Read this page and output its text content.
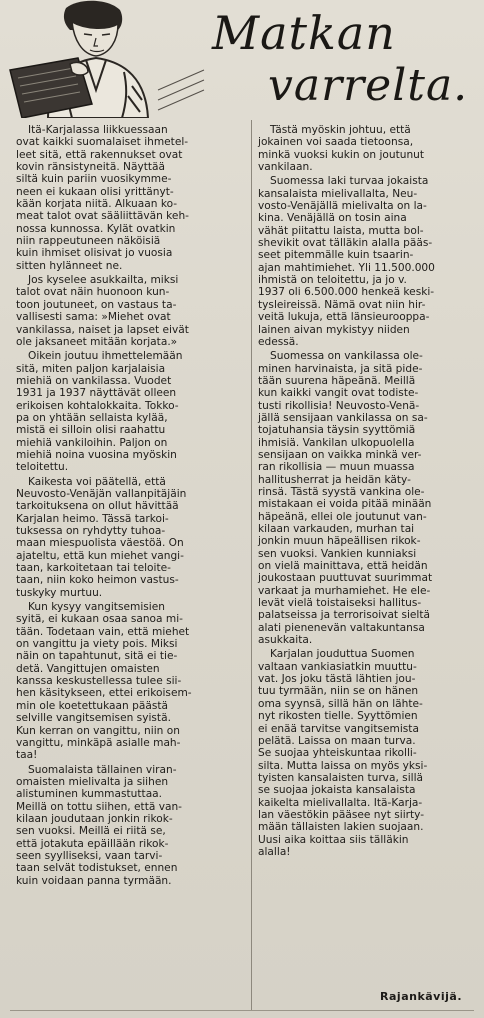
Matkan
varrelta.
Itä-Karjalassa liikkuessaan
ovat kaikki suomalaiset ihmetel-
leet sitä, että rakennukset ovat
kovin ränsistyneitä. Näyttää
siltä kuin pariin vuosikymme-
neen ei kukaan olisi yrittänyt-
kään korjata niitä. Alkuaan ko-
meat talot ovat sääliittävän keh-
nossa kunnossa. Kylät ovatkin
niin rappeutuneen näköisiä
kuin ihmiset olisivat jo vuosia
sitten hylänneet ne.
Jos kyselee asukkailta, miksi
talot ovat näin huonoon kun-
toon joutuneet, on vastaus ta-
vallisesti sama: »Miehet ovat
vankilassa, naiset ja lapset eivät
ole jaksaneet mitään korjata.»
Oikein joutuu ihmettelemään
sitä, miten paljon karjalaisia
miehiä on vankilassa. Vuodet
1931 ja 1937 näyttävät olleen
erikoisen kohtalokkaita. Tokko-
pa on yhtään sellaista kylää,
mistä ei silloin olisi raahattu
miehiä vankiloihin. Paljon on
miehiä noina vuosina myöskin
teloitettu.
Kaikesta voi päätellä, että
Neuvosto-Venäjän vallanpitäjäin
tarkoituksena on ollut hävittää
Karjalan heimo. Tässä tarkoi-
tuksessa on ryhdytty tuhoa-
maan miespuolista väestöä. On
ajateltu, että kun miehet vangi-
taan, karkoitetaan tai teloite-
taan, niin koko heimon vastus-
tuskyky murtuu.
Kun kysyy vangitsemisien
syitä, ei kukaan osaa sanoa mi-
tään. Todetaan vain, että miehet
on vangittu ja viety pois. Miksi
näin on tapahtunut, sitä ei tie-
detä. Vangittujen omaisten
kanssa keskustellessa tulee sii-
hen käsitykseen, ettei erikoisem-
min ole koetettukaan päästä
selville vangitsemisen syistä.
Kun kerran on vangittu, niin on
vangittu, minkäpä asialle mah-
taa!
Suomalaista tällainen viran-
omaisten mielivalta ja siihen
alistuminen kummastuttaa.
Meillä on tottu siihen, että van-
kilaan joudutaan jonkin rikok-
sen vuoksi. Meillä ei riitä se,
että jotakuta epäillään rikok-
seen syylliseksi, vaan tarvi-
taan selvät todistukset, ennen
kuin voidaan panna tyrmään.
Tästä myöskin johtuu, että
jokainen voi saada tietoonsa,
minkä vuoksi kukin on joutunut
vankilaan.
Suomessa laki turvaa jokaista
kansalaista mielivallalta, Neu-
vosto-Venäjällä mielivalta on la-
kina. Venäjällä on tosin aina
vähät piitattu laista, mutta bol-
shevikit ovat tälläkin alalla pääs-
seet pitemmälle kuin tsaarin-
ajan mahtimiehet. Yli 11.500.000
ihmistä on teloitettu, ja jo v.
1937 oli 6.500.000 henkeä keski-
tysleireissä. Nämä ovat niin hir-
veitä lukuja, että länsieurooppa-
lainen aivan mykistyy niiden
edessä.
Suomessa on vankilassa ole-
minen harvinaista, ja sitä pide-
tään suurena häpeänä. Meillä
kun kaikki vangit ovat todiste-
tusti rikollisia! Neuvosto-Venä-
jällä sensijaan vankilassa on sa-
tojatuhansia täysin syyttömiä
ihmisiä. Vankilan ulkopuolella
sensijaan on vaikka minkä ver-
ran rikollisia — muun muassa
hallitusherrat ja heidän käty-
rinsä. Tästä syystä vankina ole-
mistakaan ei voida pitää minään
häpeänä, ellei ole joutunut van-
kilaan varkauden, murhan tai
jonkin muun häpeällisen rikok-
sen vuoksi. Vankien kunniaksi
on vielä mainittava, että heidän
joukostaan puuttuvat suurimmat
varkaat ja murhamiehet. He ele-
levät vielä toistaiseksi hallitus-
palatseissa ja terrorisoivat sieltä
alati pienenevän valtakuntansa
asukkaita.
Karjalan jouduttua Suomen
valtaan vankiasiatkin muuttu-
vat. Jos joku tästä lähtien jou-
tuu tyrmään, niin se on hänen
oma syynsä, sillä hän on lähte-
nyt rikosten tielle. Syyttömien
ei enää tarvitse vangitsemista
pelätä. Laissa on maan turva.
Se suojaa yhteiskuntaa rikolli-
silta. Mutta laissa on myös yksi-
tyisten kansalaisten turva, sillä
se suojaa jokaista kansalaista
kaikelta mielivallalta. Itä-Karja-
lan väestökin pääsee nyt siirty-
mään tällaisten lakien suojaan.
Uusi aika koittaa siis tälläkin
alalla!
Rajankävijä.
